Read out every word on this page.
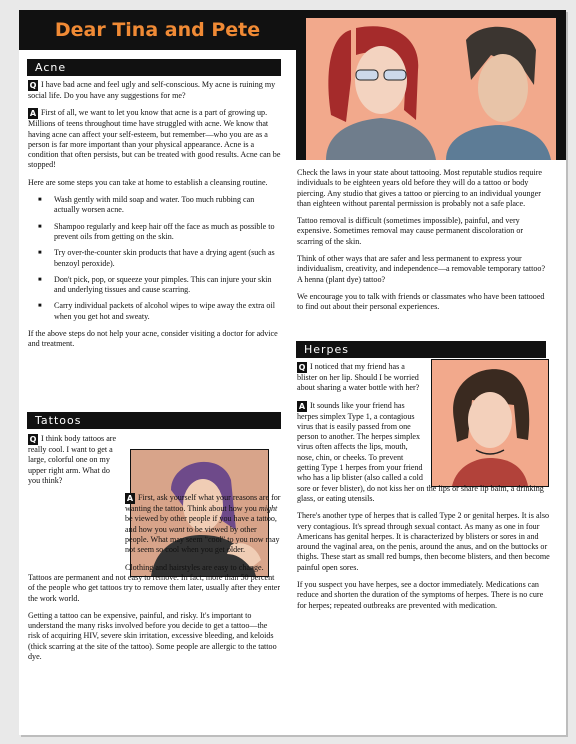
Dear Tina and Pete
Acne

Q I have bad acne and feel ugly and self-conscious. My acne is ruining my social life. Do you have any suggestions for me?

A First of all, we want to let you know that acne is a part of growing up. Millions of teens throughout time have struggled with acne. We know that having acne can affect your self-esteem, but remember—who you are as a person is far more important than your physical appearance. Acne is a condition that often persists, but can be treated with good results. Acne can be stopped!

Here are some steps you can take at home to establish a cleansing routine.

■ Wash gently with mild soap and water. Too much rubbing can actually worsen acne.
■ Shampoo regularly and keep hair off the face as much as possible to prevent oils from getting on the skin.
■ Try over-the-counter skin products that have a drying agent (such as benzoyl peroxide).
■ Don't pick, pop, or squeeze your pimples. This can injure your skin and underlying tissues and cause scarring.
■ Carry individual packets of alcohol wipes to wipe away the extra oil when you get hot and sweaty.

If the above steps do not help your acne, consider visiting a doctor for advice and treatment.

Tattoos

Q I think body tattoos are really cool. I want to get a large, colorful one on my upper right arm. What do you think?

A First, ask yourself what your reasons are for wanting the tattoo. Think about how you might be viewed by other people if you have a tattoo, and how you want to be viewed by other people. What may seem "cool" to you now may not seem so cool when you get older.

Clothing and hairstyles are easy to change. Tattoos are permanent and not easy to remove. In fact, more than 50 percent of the people who get tattoos try to remove them later, usually after they enter the work world.

Getting a tattoo can be expensive, painful, and risky. It's important to understand the many risks involved before you decide to get a tattoo—the risk of acquiring HIV, severe skin irritation, excessive bleeding, and keloids (thick scarring at the site of the tattoo). Some people are allergic to the tattoo dye.

Check the laws in your state about tattooing. Most reputable studios require individuals to be eighteen years old before they will do a tattoo or body piercing. Any studio that gives a tattoo or piercing to an individual younger than eighteen without parental permission is probably not a safe place.

Tattoo removal is difficult (sometimes impossible), painful, and very expensive. Sometimes removal may cause permanent discoloration or scarring of the skin.

Think of other ways that are safer and less permanent to express your individualism, creativity, and independence—a removable temporary tattoo? A henna (plant dye) tattoo?

We encourage you to talk with friends or classmates who have been tattooed to find out about their personal experiences.

Herpes

Q I noticed that my friend has a blister on her lip. Should I be worried about sharing a water bottle with her?

A It sounds like your friend has herpes simplex Type 1, a contagious virus that is easily passed from one person to another. The herpes simplex virus often affects the lips, mouth, nose, chin, or cheeks. To prevent getting Type 1 herpes from your friend who has a lip blister (also called a cold sore or fever blister), do not kiss her on the lips or share lip balm, a drinking glass, or eating utensils.

There's another type of herpes that is called Type 2 or genital herpes. It is also very contagious. It's spread through sexual contact. As many as one in four Americans has genital herpes. It is characterized by blisters or sores in and around the vaginal area, on the penis, around the anus, and on the buttocks or thighs. These start as small red bumps, then become blisters, and then become painful open sores.

If you suspect you have herpes, see a doctor immediately. Medications can reduce and shorten the duration of the symptoms of herpes. There is no cure for herpes; repeated outbreaks are prevented with medication.
